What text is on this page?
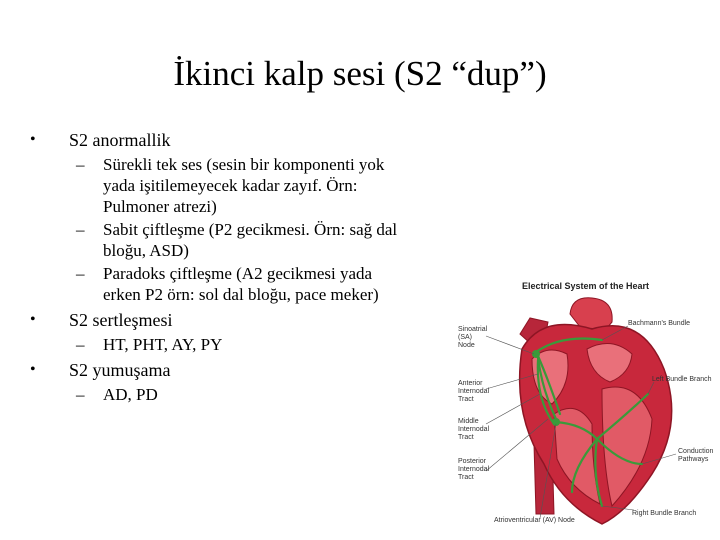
İkinci kalp sesi (S2 “dup”)

• S2 anormallik

– Sürekli tek ses (sesin bir komponenti yok
yada işitilemeyecek kadar zayıf. Örn:
Pulmoner atrezi)

– Sabit çiftleşme (P2 gecikmesi. Örn: sağ dal
bloğu, ASD)

– Paradoks çiftleşme (A2 gecikmesi yada
erken P2 örn: sol dal bloğu, pace meker)

• S2 sertleşmesi

– HT, PHT, AY, PY

• S2 yumuşama

– AD, PD

Electrical System of the Heart
Sinoatrial (SA) Node
Bachmann's Bundle
Anterior Internodal Tract
Left Bundle Branch
Middle Internodal Tract
Posterior Internodal Tract
Conduction Pathways
Right Bundle Branch
Atrioventricular (AV) Node
